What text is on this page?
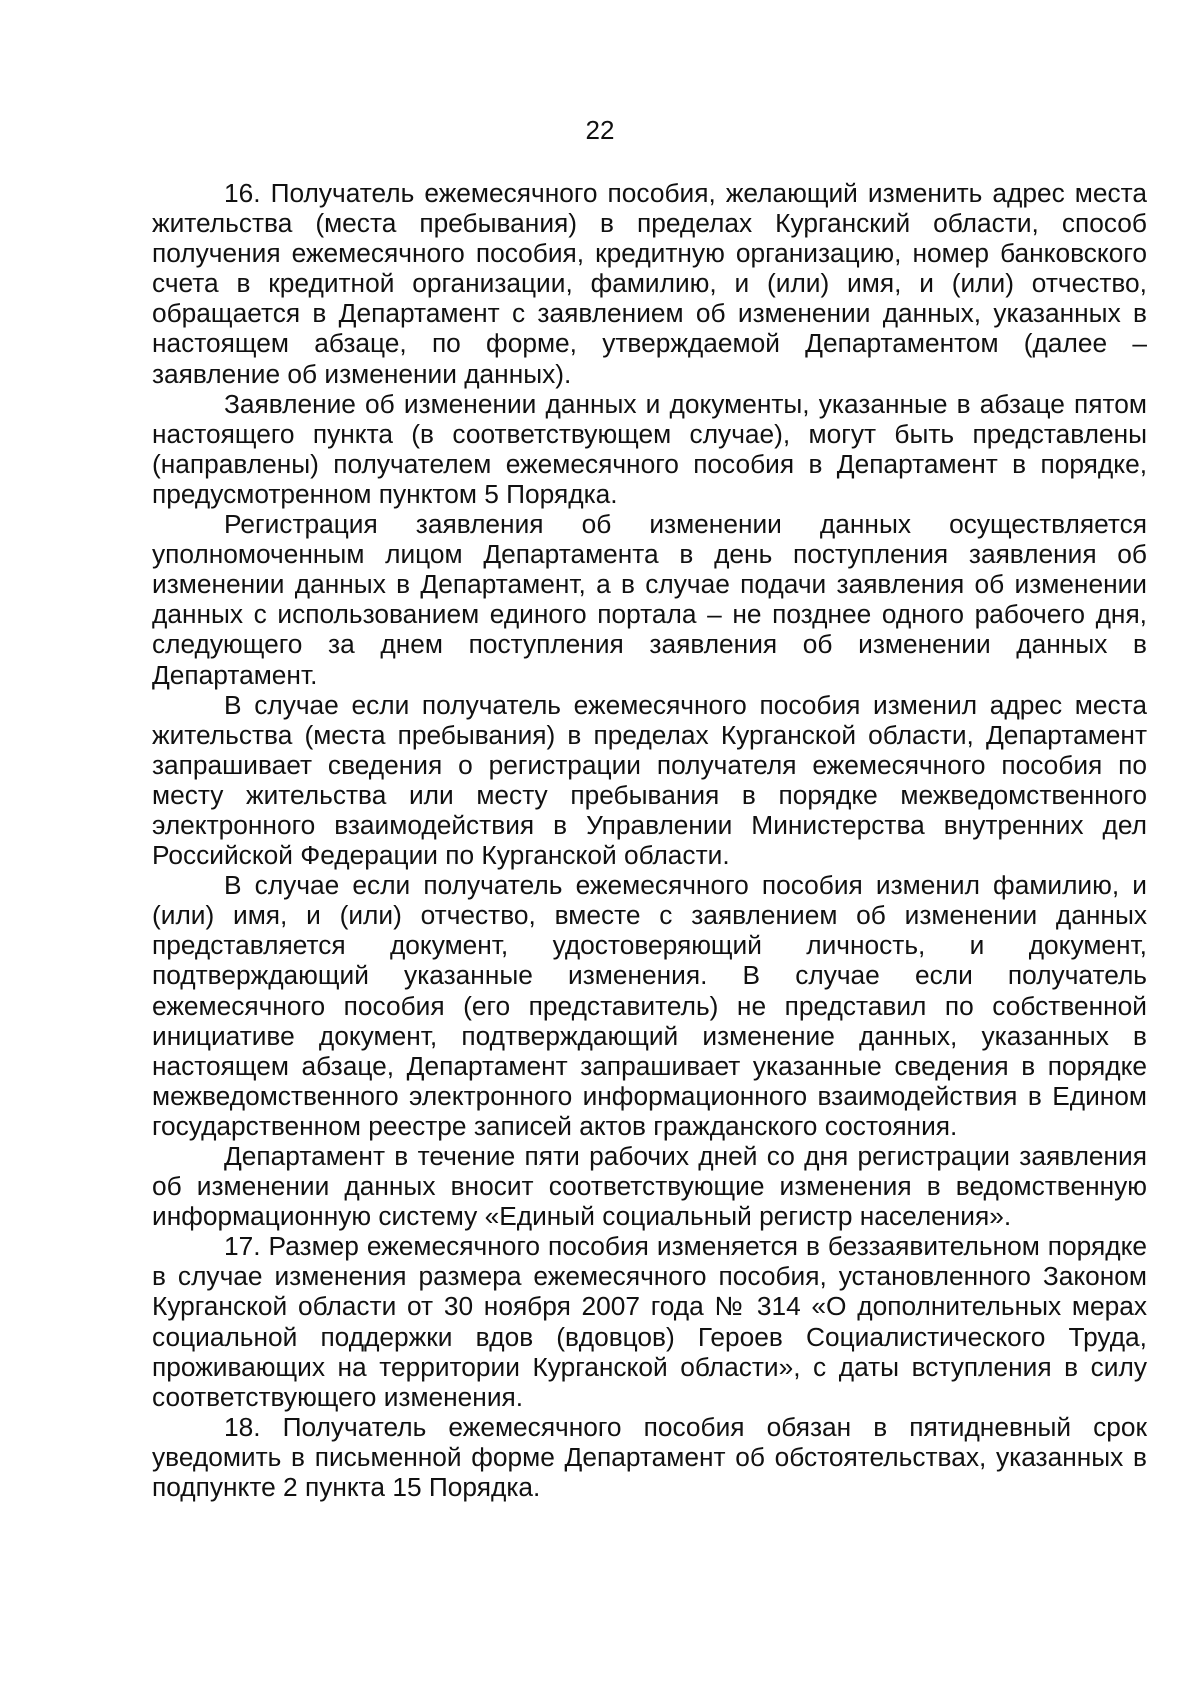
22

16. Получатель ежемесячного пособия, желающий изменить адрес места жительства (места пребывания) в пределах Курганский области, способ получения ежемесячного пособия, кредитную организацию, номер банковского счета в кредитной организации, фамилию, и (или) имя, и (или) отчество, обращается в Департамент с заявлением об изменении данных, указанных в настоящем абзаце, по форме, утверждаемой Департаментом (далее – заявление об изменении данных).

Заявление об изменении данных и документы, указанные в абзаце пятом настоящего пункта (в соответствующем случае), могут быть представлены (направлены) получателем ежемесячного пособия в Департамент в порядке, предусмотренном пунктом 5 Порядка.

Регистрация заявления об изменении данных осуществляется уполномоченным лицом Департамента в день поступления заявления об изменении данных в Департамент, а в случае подачи заявления об изменении данных с использованием единого портала – не позднее одного рабочего дня, следующего за днем поступления заявления об изменении данных в Департамент.

В случае если получатель ежемесячного пособия изменил адрес места жительства (места пребывания) в пределах Курганской области, Департамент запрашивает сведения о регистрации получателя ежемесячного пособия по месту жительства или месту пребывания в порядке межведомственного электронного взаимодействия в Управлении Министерства внутренних дел Российской Федерации по Курганской области.

В случае если получатель ежемесячного пособия изменил фамилию, и (или) имя, и (или) отчество, вместе с заявлением об изменении данных представляется документ, удостоверяющий личность, и документ, подтверждающий указанные изменения. В случае если получатель ежемесячного пособия (его представитель) не представил по собственной инициативе документ, подтверждающий изменение данных, указанных в настоящем абзаце, Департамент запрашивает указанные сведения в порядке межведомственного электронного информационного взаимодействия в Едином государственном реестре записей актов гражданского состояния.

Департамент в течение пяти рабочих дней со дня регистрации заявления об изменении данных вносит соответствующие изменения в ведомственную информационную систему «Единый социальный регистр населения».

17. Размер ежемесячного пособия изменяется в беззаявительном порядке в случае изменения размера ежемесячного пособия, установленного Законом Курганской области от 30 ноября 2007 года № 314 «О дополнительных мерах социальной поддержки вдов (вдовцов) Героев Социалистического Труда, проживающих на территории Курганской области», с даты вступления в силу соответствующего изменения.

18. Получатель ежемесячного пособия обязан в пятидневный срок уведомить в письменной форме Департамент об обстоятельствах, указанных в подпункте 2 пункта 15 Порядка.
